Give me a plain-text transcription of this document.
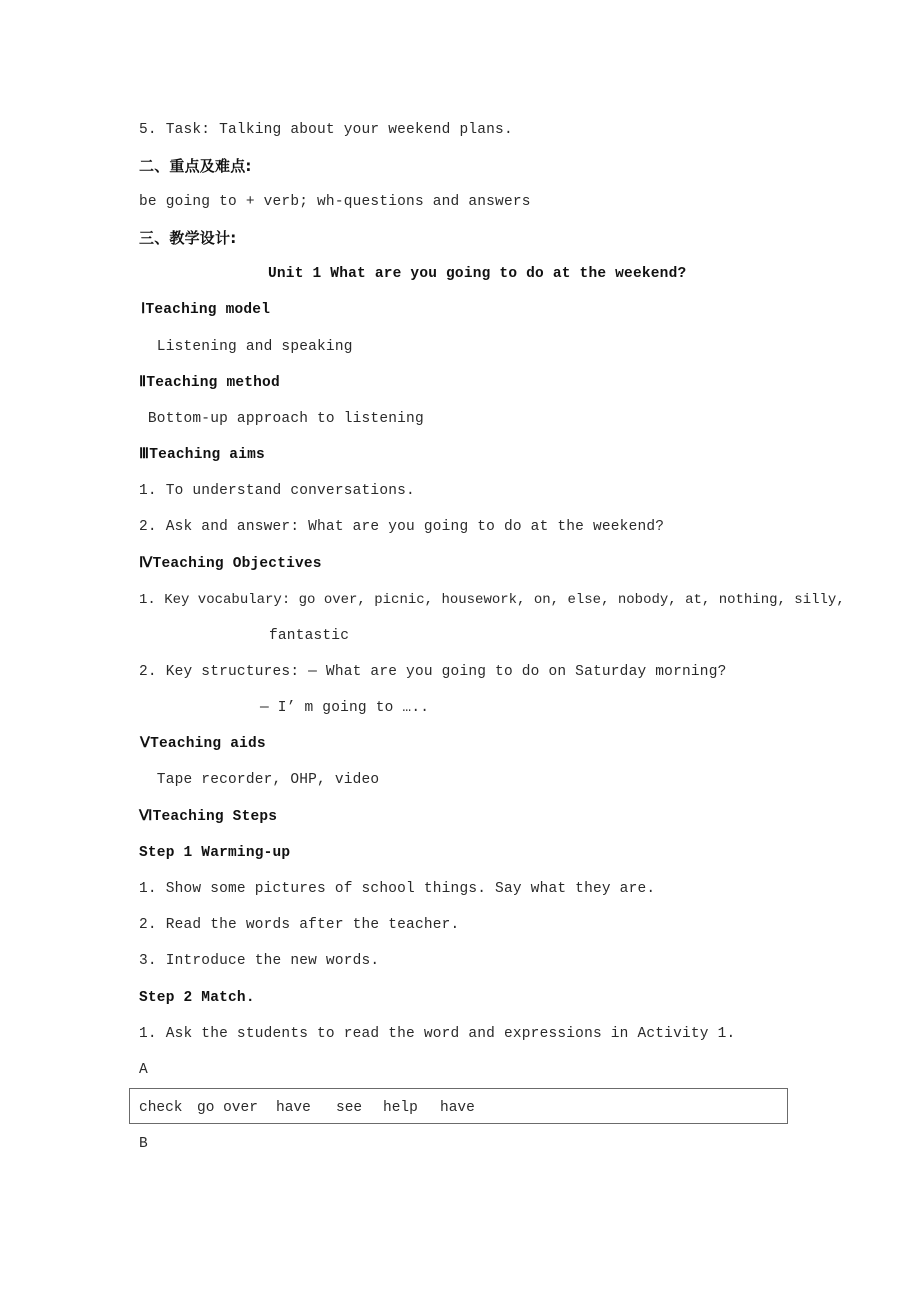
5. Task: Talking about your weekend plans.
二、重点及难点:
be going to + verb; wh-questions and answers
三、教学设计:
Unit 1 What are you going to do at the weekend?
ⅠTeaching model
Listening and speaking
ⅡTeaching method
Bottom-up approach to listening
ⅢTeaching aims
1. To understand conversations.
2. Ask and answer: What are you going to do at the weekend?
ⅣTeaching Objectives
1. Key vocabulary: go over, picnic, housework, on, else, nobody, at, nothing, silly,
fantastic
2. Key structures: — What are you going to do on Saturday morning?
— I’ m going to …..
ⅤTeaching aids
Tape recorder, OHP, video
ⅥTeaching Steps
Step 1 Warming-up
1. Show some pictures of school things. Say what they are.
2. Read the words after the teacher.
3. Introduce the new words.
Step 2 Match.
1. Ask the students to read the word and expressions in Activity 1.
A
check go over have see help have
B
